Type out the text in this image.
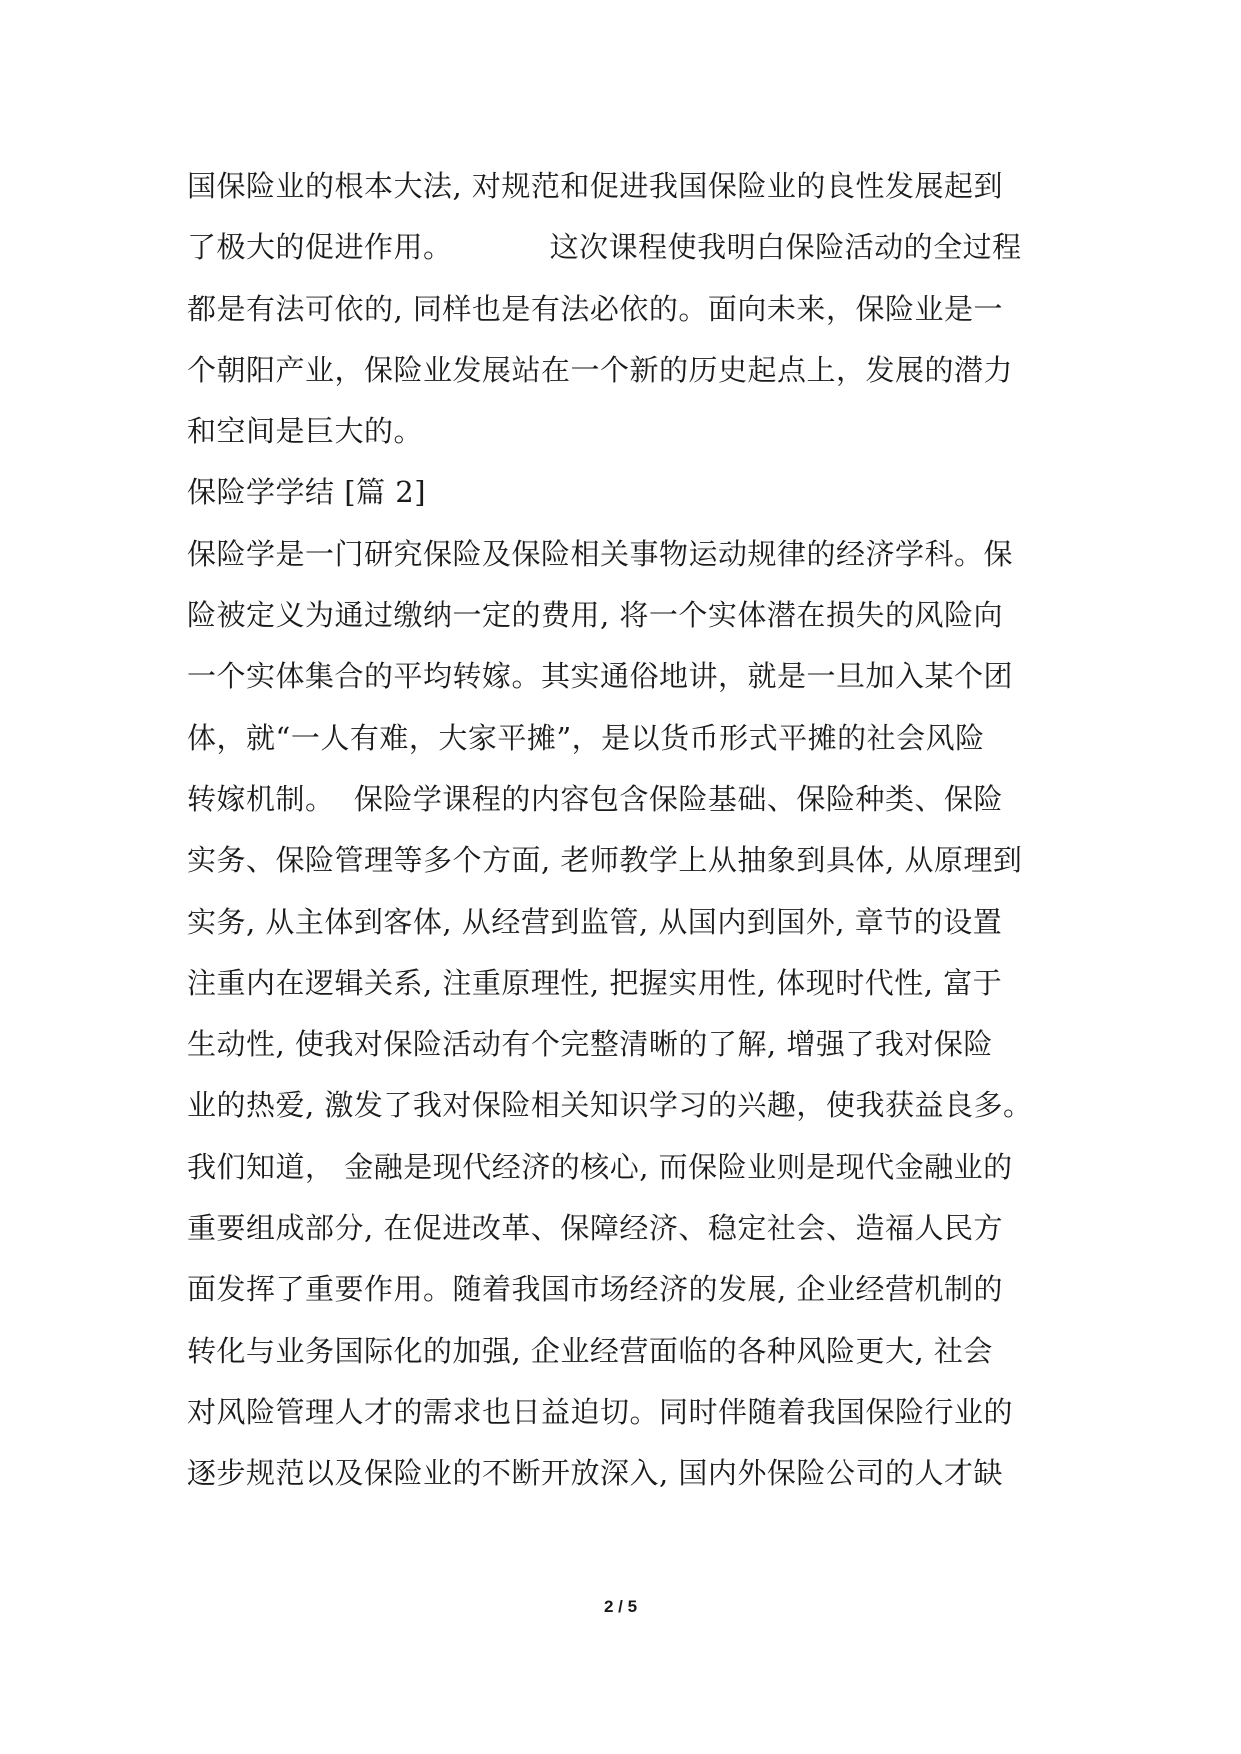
国保险业的根本大法, 对规范和促进我国保险业的良性发展起到
了极大的促进作用。          这次课程使我明白保险活动的全过程
都是有法可依的, 同样也是有法必依的。面向未来，保险业是一
个朝阳产业，保险业发展站在一个新的历史起点上，发展的潜力
和空间是巨大的。
保险学学结 [篇 2]
保险学是一门研究保险及保险相关事物运动规律的经济学科。保
险被定义为通过缴纳一定的费用, 将一个实体潜在损失的风险向
一个实体集合的平均转嫁。其实通俗地讲，就是一旦加入某个团
体，就“一人有难，大家平摊”，是以货币形式平摊的社会风险
转嫁机制。  保险学课程的内容包含保险基础、保险种类、保险
实务、保险管理等多个方面, 老师教学上从抽象到具体, 从原理到
实务, 从主体到客体, 从经营到监管, 从国内到国外, 章节的设置
注重内在逻辑关系, 注重原理性, 把握实用性, 体现时代性, 富于
生动性, 使我对保险活动有个完整清晰的了解, 增强了我对保险
业的热爱, 激发了我对保险相关知识学习的兴趣，使我获益良多。
我们知道， 金融是现代经济的核心, 而保险业则是现代金融业的
重要组成部分, 在促进改革、保障经济、稳定社会、造福人民方
面发挥了重要作用。随着我国市场经济的发展, 企业经营机制的
转化与业务国际化的加强, 企业经营面临的各种风险更大, 社会
对风险管理人才的需求也日益迫切。同时伴随着我国保险行业的
逐步规范以及保险业的不断开放深入, 国内外保险公司的人才缺
2 / 5
